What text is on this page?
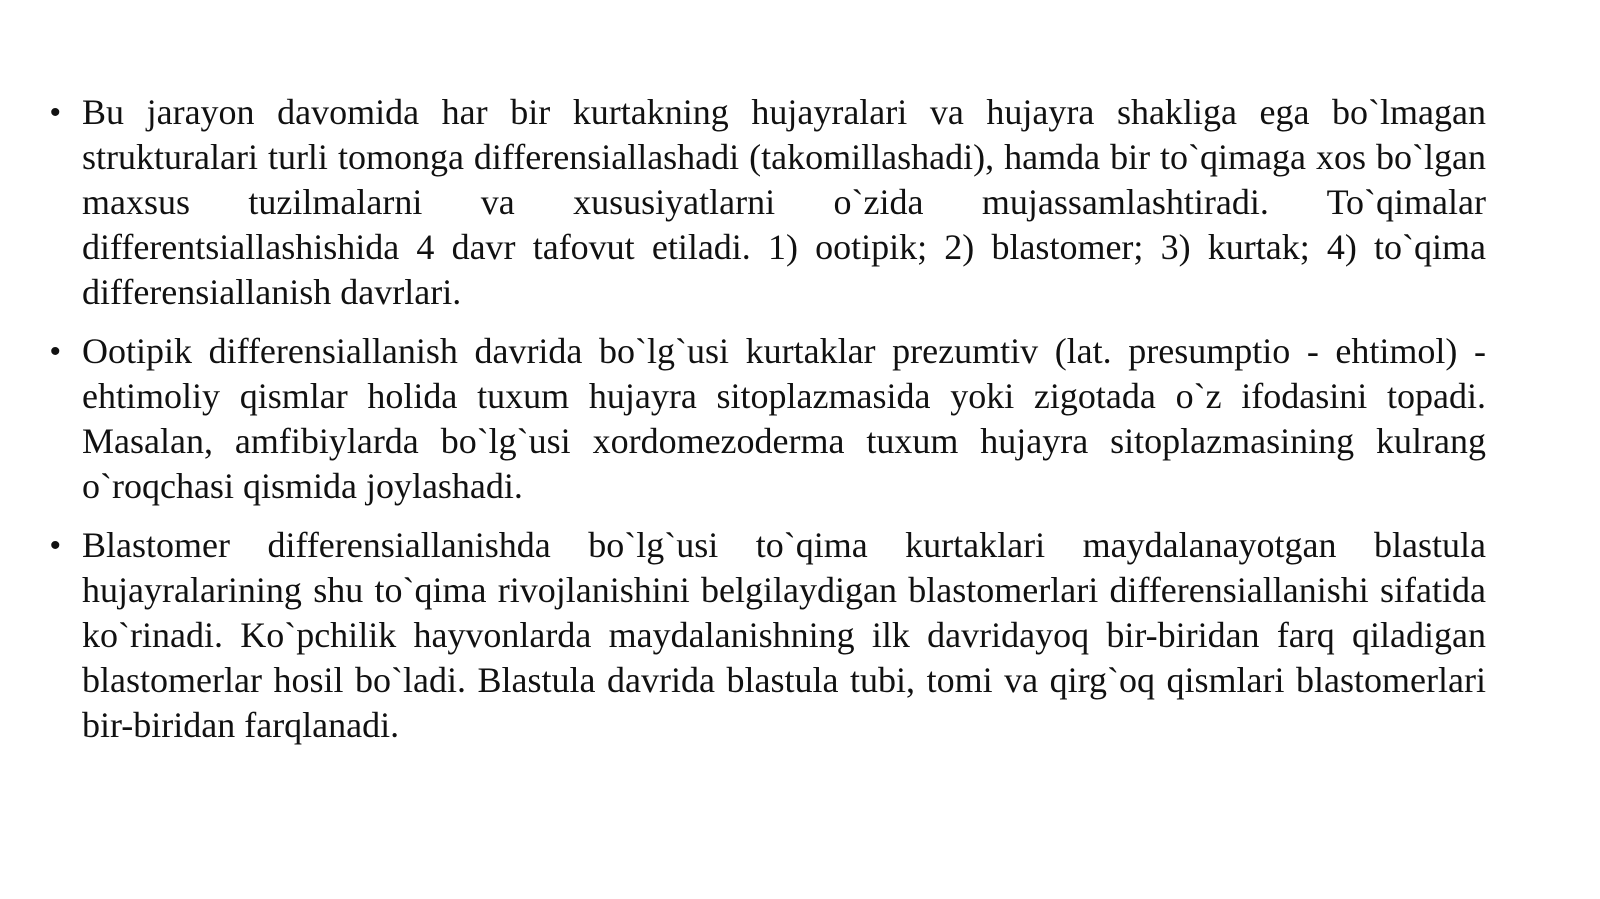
• Bu jarayon davomida har bir kurtakning hujayralari va hujayra shakliga ega bo`lmagan strukturalari turli tomonga differensiallashadi (takomillashadi), hamda bir to`qimaga xos bo`lgan maxsus tuzilmalarni va xususiyatlarni o`zida mujassamlashtiradi. To`qimalar differentsiallashishida 4 davr tafovut etiladi. 1) ootipik; 2) blastomer; 3) kurtak; 4) to`qima differensiallanish davrlari.
• Ootipik differensiallanish davrida bo`lg`usi kurtaklar prezumtiv (lat. presumptio - ehtimol) - ehtimoliy qismlar holida tuxum hujayra sitoplazmasida yoki zigotada o`z ifodasini topadi. Masalan, amfibiylarda bo`lg`usi xordomezoderma tuxum hujayra sitoplazmasining kulrang o`roqchasi qismida joylashadi.
• Blastomer differensiallanishda bo`lg`usi to`qima kurtaklari maydalanayotgan blastula hujayralarining shu to`qima rivojlanishini belgilaydigan blastomerlari differensiallanishi sifatida ko`rinadi. Ko`pchilik hayvonlarda maydalanishning ilk davridayoq bir-biridan farq qiladigan blastomerlar hosil bo`ladi. Blastula davrida blastula tubi, tomi va qirg`oq qismlari blastomerlari bir-biridan farqlanadi.
